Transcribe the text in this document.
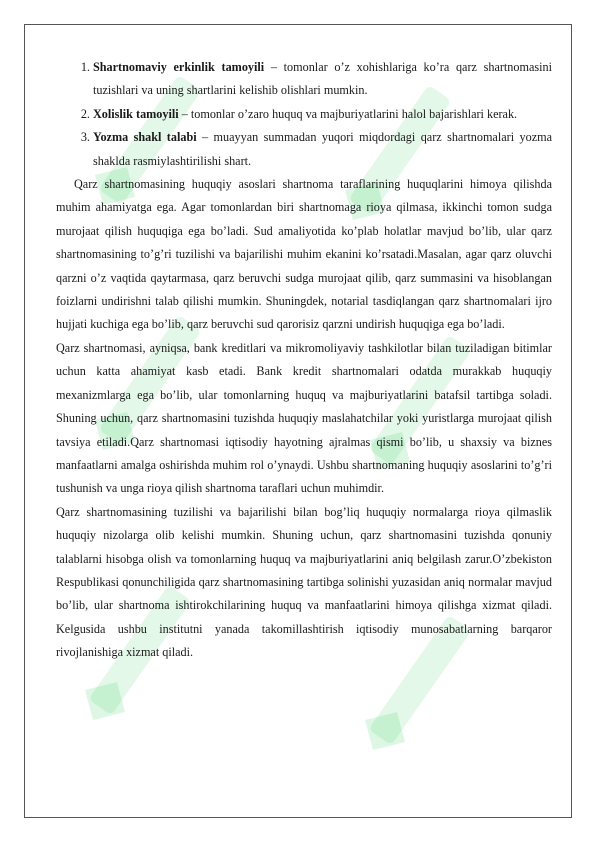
1. Shartnomaviy erkinlik tamoyili – tomonlar o’z xohishlariga ko’ra qarz shartnomasini tuzishlari va uning shartlarini kelishib olishlari mumkin.
2. Xolislik tamoyili – tomonlar o’zaro huquq va majburiyatlarini halol bajarishlari kerak.
3. Yozma shakl talabi – muayyan summadan yuqori miqdordagi qarz shartnomalari yozma shaklda rasmiylashtirilishi shart.

Qarz shartnomasining huquqiy asoslari shartnoma taraflarining huquqlarini himoya qilishda muhim ahamiyatga ega. Agar tomonlardan biri shartnomaga rioya qilmasa, ikkinchi tomon sudga murojaat qilish huquqiga ega bo’ladi. Sud amaliyotida ko’plab holatlar mavjud bo’lib, ular qarz shartnomasining to’g’ri tuzilishi va bajarilishi muhim ekanini ko’rsatadi.Masalan, agar qarz oluvchi qarzni o’z vaqtida qaytarmasa, qarz beruvchi sudga murojaat qilib, qarz summasini va hisoblangan foizlarni undirishni talab qilishi mumkin. Shuningdek, notarial tasdiqlangan qarz shartnomalari ijro hujjati kuchiga ega bo’lib, qarz beruvchi sud qarorisiz qarzni undirish huquqiga ega bo’ladi.

Qarz shartnomasi, ayniqsa, bank kreditlari va mikromoliyaviy tashkilotlar bilan tuziladigan bitimlar uchun katta ahamiyat kasb etadi. Bank kredit shartnomalari odatda murakkab huquqiy mexanizmlarga ega bo’lib, ular tomonlarning huquq va majburiyatlarini batafsil tartibga soladi. Shuning uchun, qarz shartnomasini tuzishda huquqiy maslahatchilar yoki yuristlarga murojaat qilish tavsiya etiladi.Qarz shartnomasi iqtisodiy hayotning ajralmas qismi bo’lib, u shaxsiy va biznes manfaatlarni amalga oshirishda muhim rol o’ynaydi. Ushbu shartnomaning huquqiy asoslarini to’g’ri tushunish va unga rioya qilish shartnoma taraflari uchun muhimdir.

Qarz shartnomasining tuzilishi va bajarilishi bilan bog’liq huquqiy normalarga rioya qilmaslik huquqiy nizolarga olib kelishi mumkin. Shuning uchun, qarz shartnomasini tuzishda qonuniy talablarni hisobga olish va tomonlarning huquq va majburiyatlarini aniq belgilash zarur.O’zbekiston Respublikasi qonunchiligida qarz shartnomasining tartibga solinishi yuzasidan aniq normalar mavjud bo’lib, ular shartnoma ishtirokchilarining huquq va manfaatlarini himoya qilishga xizmat qiladi. Kelgusida ushbu institutni yanada takomillashtirish iqtisodiy munosabatlarning barqaror rivojlanishiga xizmat qiladi.
